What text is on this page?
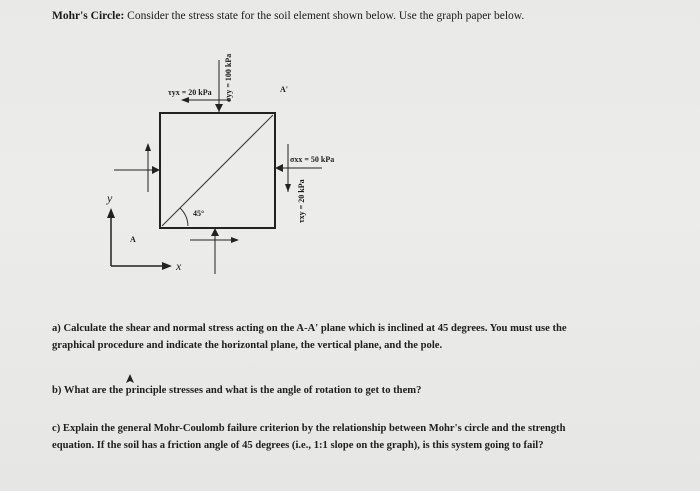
Mohr's Circle: Consider the stress state for the soil element shown below. Use the graph paper below.
45°
σyy = 100 kPa
τyx = 20 kPa
σxx = 50 kPa
τxy = 20 kPa
A
A'
y
x
a) Calculate the shear and normal stress acting on the A-A' plane which is inclined at 45 degrees. You must use the graphical procedure and indicate the horizontal plane, the vertical plane, and the pole.
b) What are the principle stresses and what is the angle of rotation to get to them?
c) Explain the general Mohr-Coulomb failure criterion by the relationship between Mohr's circle and the strength equation. If the soil has a friction angle of 45 degrees (i.e., 1:1 slope on the graph), is this system going to fail?
